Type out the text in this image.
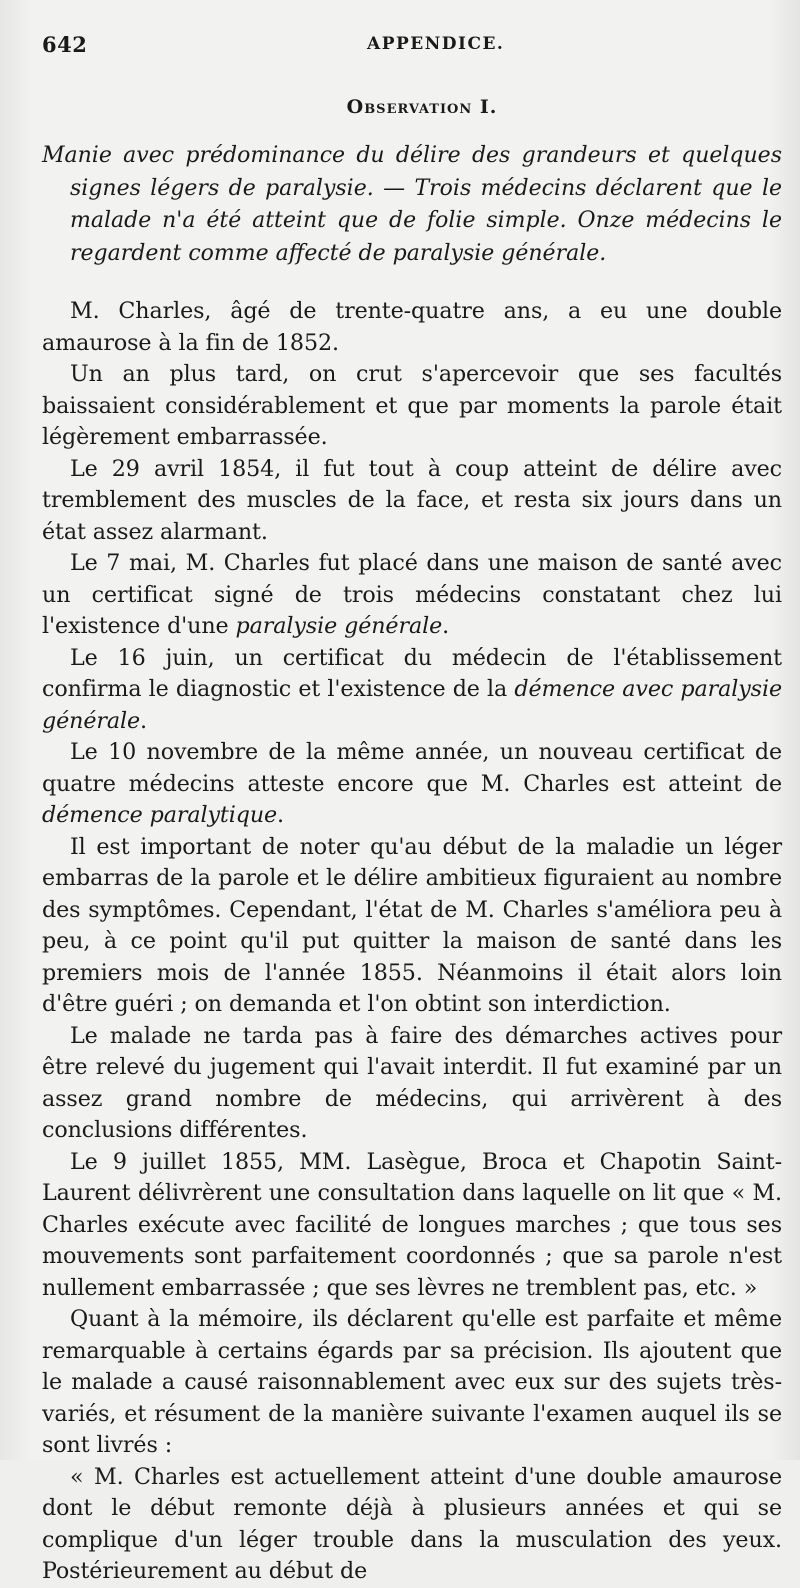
642	APPENDICE.
Observation I.

Manie avec prédominance du délire des grandeurs et quelques signes légers de paralysie. — Trois médecins déclarent que le malade n'a été atteint que de folie simple. Onze médecins le regardent comme affecté de paralysie générale.

M. Charles, âgé de trente-quatre ans, a eu une double amaurose à la fin de 1852.

Un an plus tard, on crut s'apercevoir que ses facultés baissaient considérablement et que par moments la parole était légèrement embarrassée.

Le 29 avril 1854, il fut tout à coup atteint de délire avec tremblement des muscles de la face, et resta six jours dans un état assez alarmant.

Le 7 mai, M. Charles fut placé dans une maison de santé avec un certificat signé de trois médecins constatant chez lui l'existence d'une paralysie générale.

Le 16 juin, un certificat du médecin de l'établissement confirma le diagnostic et l'existence de la démence avec paralysie générale.

Le 10 novembre de la même année, un nouveau certificat de quatre médecins atteste encore que M. Charles est atteint de démence paralytique.

Il est important de noter qu'au début de la maladie un léger embarras de la parole et le délire ambitieux figuraient au nombre des symptômes. Cependant, l'état de M. Charles s'améliora peu à peu, à ce point qu'il put quitter la maison de santé dans les premiers mois de l'année 1855. Néanmoins il était alors loin d'être guéri ; on demanda et l'on obtint son interdiction.

Le malade ne tarda pas à faire des démarches actives pour être relevé du jugement qui l'avait interdit. Il fut examiné par un assez grand nombre de médecins, qui arrivèrent à des conclusions différentes.

Le 9 juillet 1855, MM. Lasègue, Broca et Chapotin Saint-Laurent délivrèrent une consultation dans laquelle on lit que « M. Charles exécute avec facilité de longues marches ; que tous ses mouvements sont parfaitement coordonnés ; que sa parole n'est nullement embarrassée ; que ses lèvres ne tremblent pas, etc. »

Quant à la mémoire, ils déclarent qu'elle est parfaite et même remarquable à certains égards par sa précision. Ils ajoutent que le malade a causé raisonnablement avec eux sur des sujets très-variés, et résument de la manière suivante l'examen auquel ils se sont livrés :

« M. Charles est actuellement atteint d'une double amaurose dont le début remonte déjà à plusieurs années et qui se complique d'un léger trouble dans la musculation des yeux. Postérieurement au début de
